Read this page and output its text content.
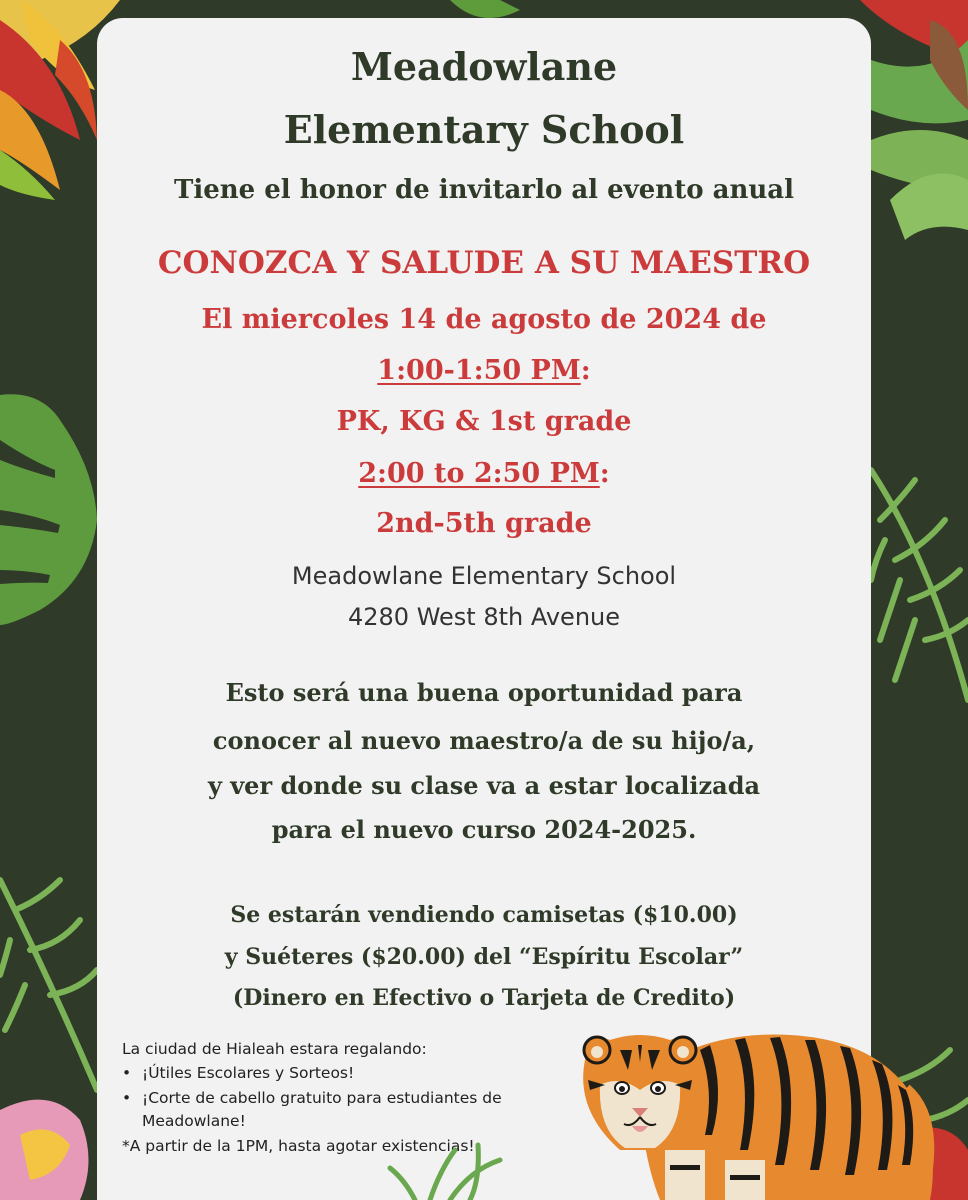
Meadowlane

Elementary School

Tiene el honor de invitarlo al evento anual

CONOZCA Y SALUDE A SU MAESTRO

El miercoles 14 de agosto de 2024 de

1:00-1:50 PM:

PK, KG & 1st grade

2:00 to 2:50 PM:

2nd-5th grade

Meadowlane Elementary School

4280 West 8th Avenue

Esto será una buena oportunidad para

conocer al nuevo maestro/a de su hijo/a,

y ver donde su clase va a estar localizada

para el nuevo curso 2024-2025.

Se estarán vendiendo camisetas ($10.00)

y Suéteres ($20.00) del “Espíritu Escolar”

(Dinero en Efectivo o Tarjeta de Credito)

La ciudad de Hialeah estara regalando:
• ¡Útiles Escolares y Sorteos!
• ¡Corte de cabello gratuito para estudiantes de
Meadowlane!
*A partir de la 1PM, hasta agotar existencias!
